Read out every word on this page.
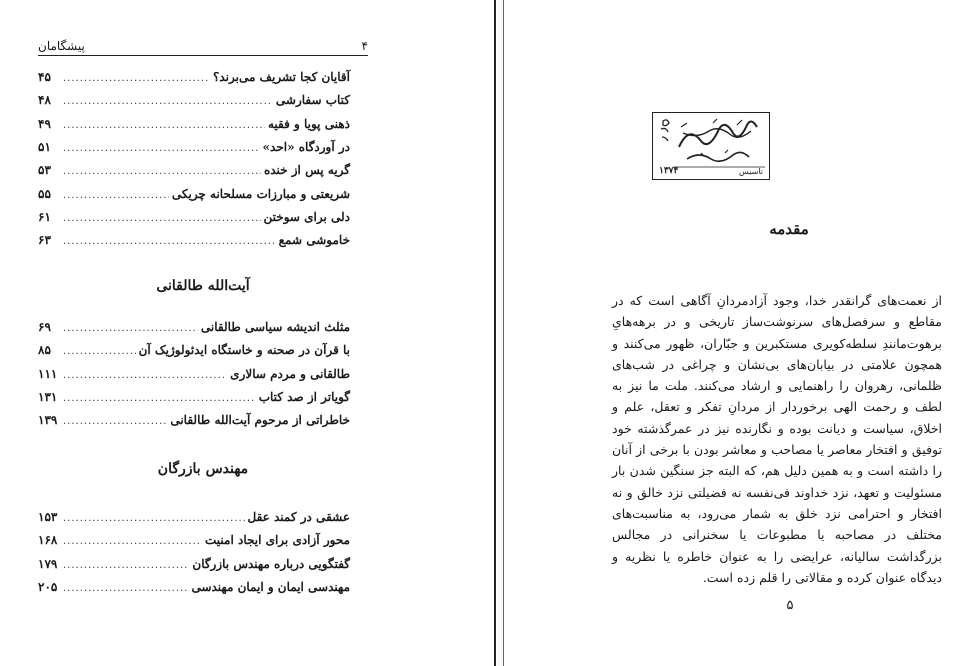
پیشگامان	۴
آقایان کجا تشریف می‌برند؟
.....
۴۵
کتاب سفارشی
.....
۴۸
ذهنی پویا و فقیه
.....
۴۹
در آوردگاه «احد»
.....
۵۱
گریه پس از خنده
.....
۵۳
شریعتی و مبارزات مسلحانه چریکی
.....
۵۵
دلی برای سوختن
.....
۶۱
خاموشی شمع
.....
۶۳
آیت‌الله طالقانی
مثلث اندیشه سیاسی طالقانی
.....
۶۹
با قرآن در صحنه و خاستگاه ایدئولوژیک آن
.....
۸۵
طالقانی و مردم سالاری
.....
۱۱۱
گویاتر از صد کتاب
.....
۱۳۱
خاطراتی از مرحوم آیت‌الله طالقانی
.....
۱۳۹
مهندس بازرگان
عشقی در کمند عقل
.....
۱۵۳
محور آزادی برای ایجاد امنیت
.....
۱۶۸
گفتگویی درباره مهندس بازرگان
.....
۱۷۹
مهندسی ایمان و ایمان مهندسی
.....
۲۰۵
۱۳۷۴	تاسیس
مقدمه
از نعمت‌های گرانقدر خدا، وجود آزادمردانِ آگاهی است که در مقاطع و سرفصل‌های سرنوشت‌ساز تاریخی و در برهه‌هایِ برهوت‌مانندِ سلطه‌کویری مستکبرین و جبّاران، ظهور می‌کنند و همچون علامتی در بیابان‌های بی‌نشان و چراغی در شب‌های ظلمانی، رهروان را راهنمایی و ارشاد می‌کنند. ملت ما نیز به لطف و رحمت الهی برخوردار از مردانِ تفکر و تعقل، علم و اخلاق، سیاست و دیانت بوده و نگارنده نیز در عمرگذشته خود توفیق و افتخار معاصر یا مصاحب و معاشر بودن با برخی از آنان را داشته است و به همین دلیل هم، که البته جز سنگین شدن بار مسئولیت و تعهد، نزد خداوند فی‌نفسه نه فضیلتی نزد خالق و نه افتخار و احترامی نزد خلق به شمار می‌رود، به مناسبت‌های مختلف در مصاحبه یا مطبوعات یا سخنرانی در مجالس بزرگداشت سالیانه، عرایضی را به عنوان خاطره یا نظریه و دیدگاه عنوان کرده و مقالاتی را قلم زده است.
۵
